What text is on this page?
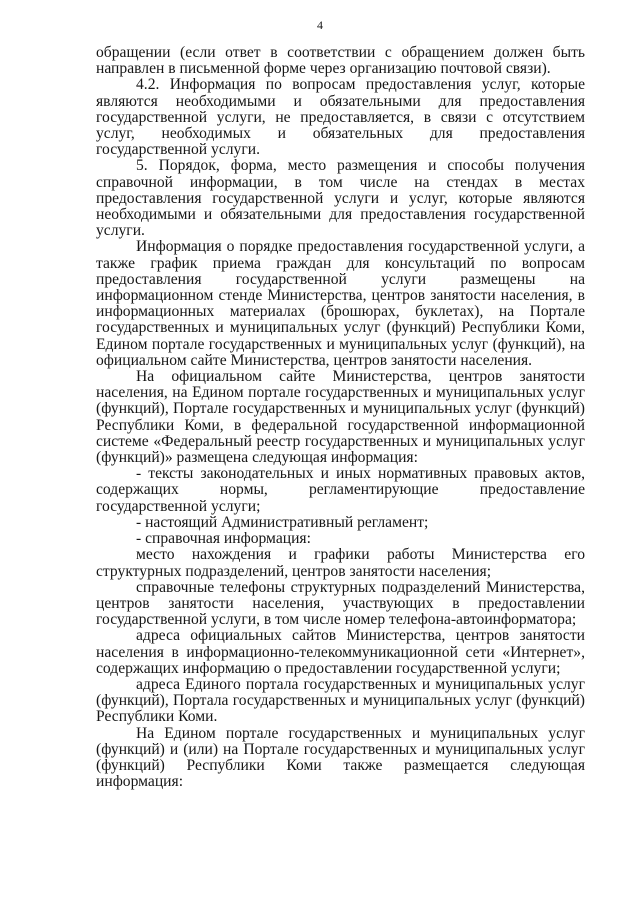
4

обращении (если ответ в соответствии с обращением должен быть направлен в письменной форме через организацию почтовой связи).

4.2. Информация по вопросам предоставления услуг, которые являются необходимыми и обязательными для предоставления государственной услуги, не предоставляется, в связи с отсутствием услуг, необходимых и обязательных для предоставления государственной услуги.

5. Порядок, форма, место размещения и способы получения справочной информации, в том числе на стендах в местах предоставления государственной услуги и услуг, которые являются необходимыми и обязательными для предоставления государственной услуги.

Информация о порядке предоставления государственной услуги, а также график приема граждан для консультаций по вопросам предоставления государственной услуги размещены на информационном стенде Министерства, центров занятости населения, в информационных материалах (брошюрах, буклетах), на Портале государственных и муниципальных услуг (функций) Республики Коми, Едином портале государственных и муниципальных услуг (функций), на официальном сайте Министерства, центров занятости населения.

На официальном сайте Министерства, центров занятости населения, на Едином портале государственных и муниципальных услуг (функций), Портале государственных и муниципальных услуг (функций) Республики Коми, в федеральной государственной информационной системе «Федеральный реестр государственных и муниципальных услуг (функций)» размещена следующая информация:

- тексты законодательных и иных нормативных правовых актов, содержащих нормы, регламентирующие предоставление государственной услуги;

- настоящий Административный регламент;

- справочная информация:

место нахождения и графики работы Министерства его структурных подразделений, центров занятости населения;

справочные телефоны структурных подразделений Министерства, центров занятости населения, участвующих в предоставлении государственной услуги, в том числе номер телефона-автоинформатора;

адреса официальных сайтов Министерства, центров занятости населения в информационно-телекоммуникационной сети «Интернет», содержащих информацию о предоставлении государственной услуги;

адреса Единого портала государственных и муниципальных услуг (функций), Портала государственных и муниципальных услуг (функций) Республики Коми.

На Едином портале государственных и муниципальных услуг (функций) и (или) на Портале государственных и муниципальных услуг (функций) Республики Коми также размещается следующая информация:
